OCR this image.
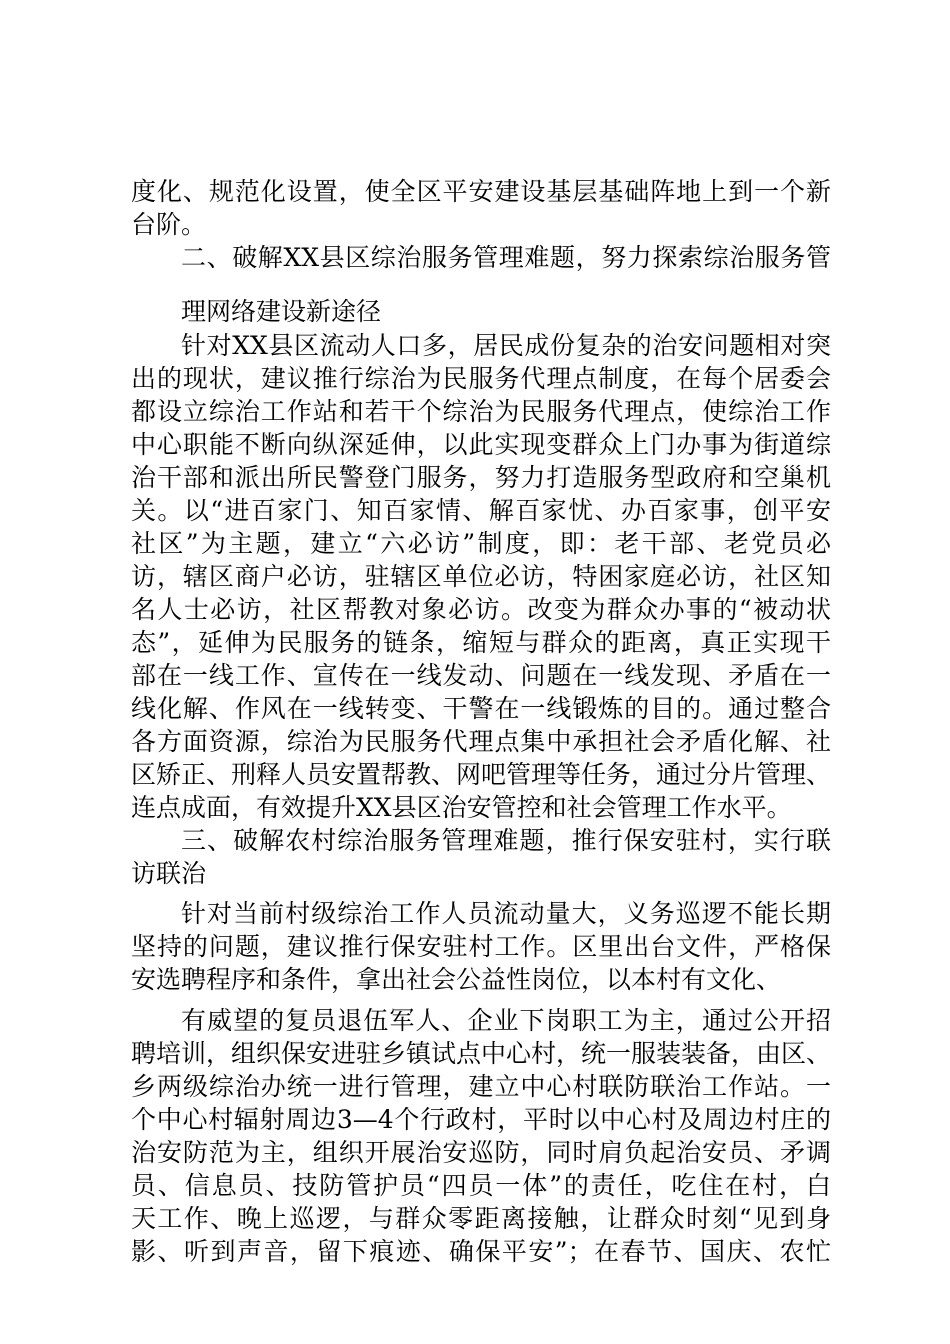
度化、规范化设置，使全区平安建设基层基础阵地上到一个新
台阶。
二、破解XX县区综治服务管理难题，努力探索综治服务管
理网络建设新途径
针对XX县区流动人口多，居民成份复杂的治安问题相对突
出的现状，建议推行综治为民服务代理点制度，在每个居委会
都设立综治工作站和若干个综治为民服务代理点，使综治工作
中心职能不断向纵深延伸，以此实现变群众上门办事为街道综
治干部和派出所民警登门服务，努力打造服务型政府和空巢机
关。以“进百家门、知百家情、解百家忧、办百家事，创平安
社区”为主题，建立“六必访”制度，即：老干部、老党员必
访，辖区商户必访，驻辖区单位必访，特困家庭必访，社区知
名人士必访，社区帮教对象必访。改变为群众办事的“被动状
态”，延伸为民服务的链条，缩短与群众的距离，真正实现干
部在一线工作、宣传在一线发动、问题在一线发现、矛盾在一
线化解、作风在一线转变、干警在一线锻炼的目的。通过整合
各方面资源，综治为民服务代理点集中承担社会矛盾化解、社
区矫正、刑释人员安置帮教、网吧管理等任务，通过分片管理、
连点成面，有效提升XX县区治安管控和社会管理工作水平。
三、破解农村综治服务管理难题，推行保安驻村，实行联
访联治
针对当前村级综治工作人员流动量大，义务巡逻不能长期
坚持的问题，建议推行保安驻村工作。区里出台文件，严格保
安选聘程序和条件，拿出社会公益性岗位，以本村有文化、
有威望的复员退伍军人、企业下岗职工为主，通过公开招
聘培训，组织保安进驻乡镇试点中心村，统一服装装备，由区、
乡两级综治办统一进行管理，建立中心村联防联治工作站。一
个中心村辐射周边3—4个行政村，平时以中心村及周边村庄的
治安防范为主，组织开展治安巡防，同时肩负起治安员、矛调
员、信息员、技防管护员“四员一体”的责任，吃住在村，白
天工作、晚上巡逻，与群众零距离接触，让群众时刻“见到身
影、听到声音，留下痕迹、确保平安”；在春节、国庆、农忙
